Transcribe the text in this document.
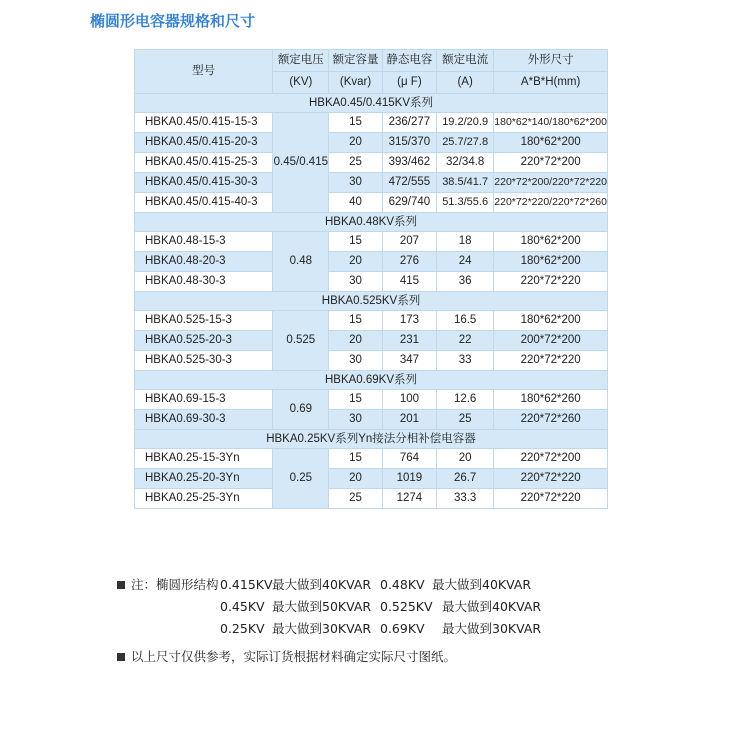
椭圆形电容器规格和尺寸
型号	额定电压	额定容量	静态电容	额定电流	外形尺寸
	(KV)	(Kvar)	(μ F)	(A)	A*B*H(mm)
HBKA0.45/0.415KV系列					
HBKA0.45/0.415-15-3	0.45/0.415	15	236/277	19.2/20.9	180*62*140/180*62*200
HBKA0.45/0.415-20-3		20	315/370	25.7/27.8	180*62*200
HBKA0.45/0.415-25-3		25	393/462	32/34.8	220*72*200
HBKA0.45/0.415-30-3		30	472/555	38.5/41.7	220*72*200/220*72*220
HBKA0.45/0.415-40-3		40	629/740	51.3/55.6	220*72*220/220*72*260
HBKA0.48KV系列					
HBKA0.48-15-3	0.48	15	207	18	180*62*200
HBKA0.48-20-3		20	276	24	180*62*200
HBKA0.48-30-3		30	415	36	220*72*220
HBKA0.525KV系列					
HBKA0.525-15-3	0.525	15	173	16.5	180*62*200
HBKA0.525-20-3		20	231	22	200*72*200
HBKA0.525-30-3		30	347	33	220*72*220
HBKA0.69KV系列					
HBKA0.69-15-3	0.69	15	100	12.6	180*62*260
HBKA0.69-30-3		30	201	25	220*72*260
HBKA0.25KV系列Yn接法分相补偿电容器					
HBKA0.25-15-3Yn	0.25	15	764	20	220*72*200
HBKA0.25-20-3Yn		20	1019	26.7	220*72*220
HBKA0.25-25-3Yn		25	1274	33.3	220*72*220
注：椭圆形结构 0.415KV 最大做到40KVAR 0.48KV 最大做到40KVAR
0.45KV 最大做到50KVAR 0.525KV 最大做到40KVAR
0.25KV 最大做到30KVAR 0.69KV 最大做到30KVAR
以上尺寸仅供参考，实际订货根据材料确定实际尺寸图纸。
